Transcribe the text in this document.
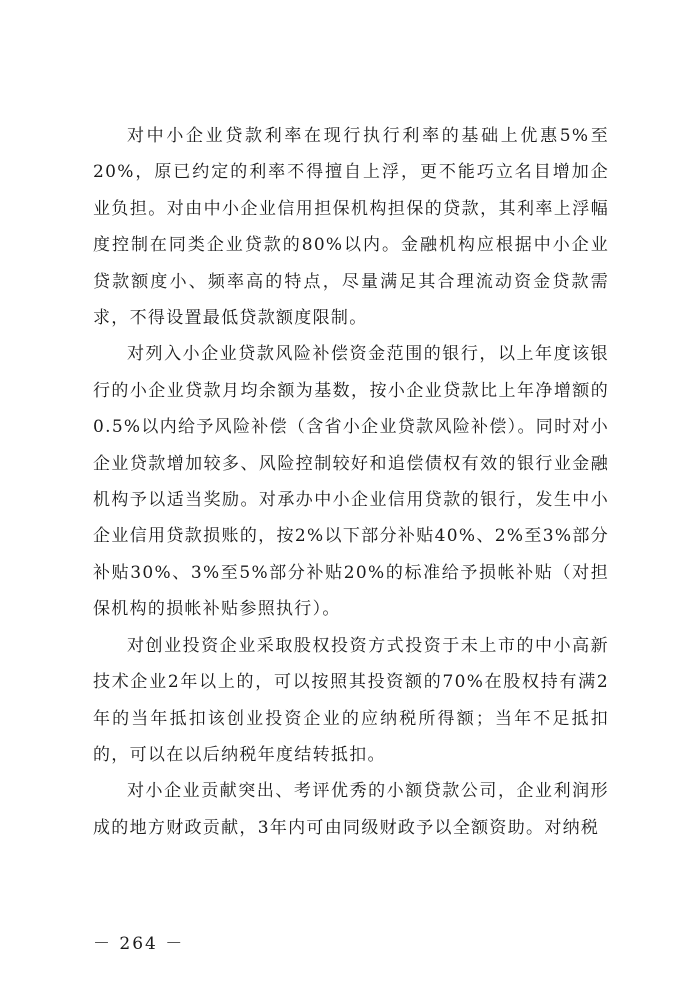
对中小企业贷款利率在现行执行利率的基础上优惠5%至20%，原已约定的利率不得擅自上浮，更不能巧立名目增加企业负担。对由中小企业信用担保机构担保的贷款，其利率上浮幅度控制在同类企业贷款的80%以内。金融机构应根据中小企业贷款额度小、频率高的特点，尽量满足其合理流动资金贷款需求，不得设置最低贷款额度限制。

对列入小企业贷款风险补偿资金范围的银行，以上年度该银行的小企业贷款月均余额为基数，按小企业贷款比上年净增额的0.5%以内给予风险补偿（含省小企业贷款风险补偿）。同时对小企业贷款增加较多、风险控制较好和追偿债权有效的银行业金融机构予以适当奖励。对承办中小企业信用贷款的银行，发生中小企业信用贷款损账的，按2%以下部分补贴40%、2%至3%部分补贴30%、3%至5%部分补贴20%的标准给予损帐补贴（对担保机构的损帐补贴参照执行）。

对创业投资企业采取股权投资方式投资于未上市的中小高新技术企业2年以上的，可以按照其投资额的70%在股权持有满2年的当年抵扣该创业投资企业的应纳税所得额；当年不足抵扣的，可以在以后纳税年度结转抵扣。

对小企业贡献突出、考评优秀的小额贷款公司，企业利润形成的地方财政贡献，3年内可由同级财政予以全额资助。对纳税

－ 264 －
